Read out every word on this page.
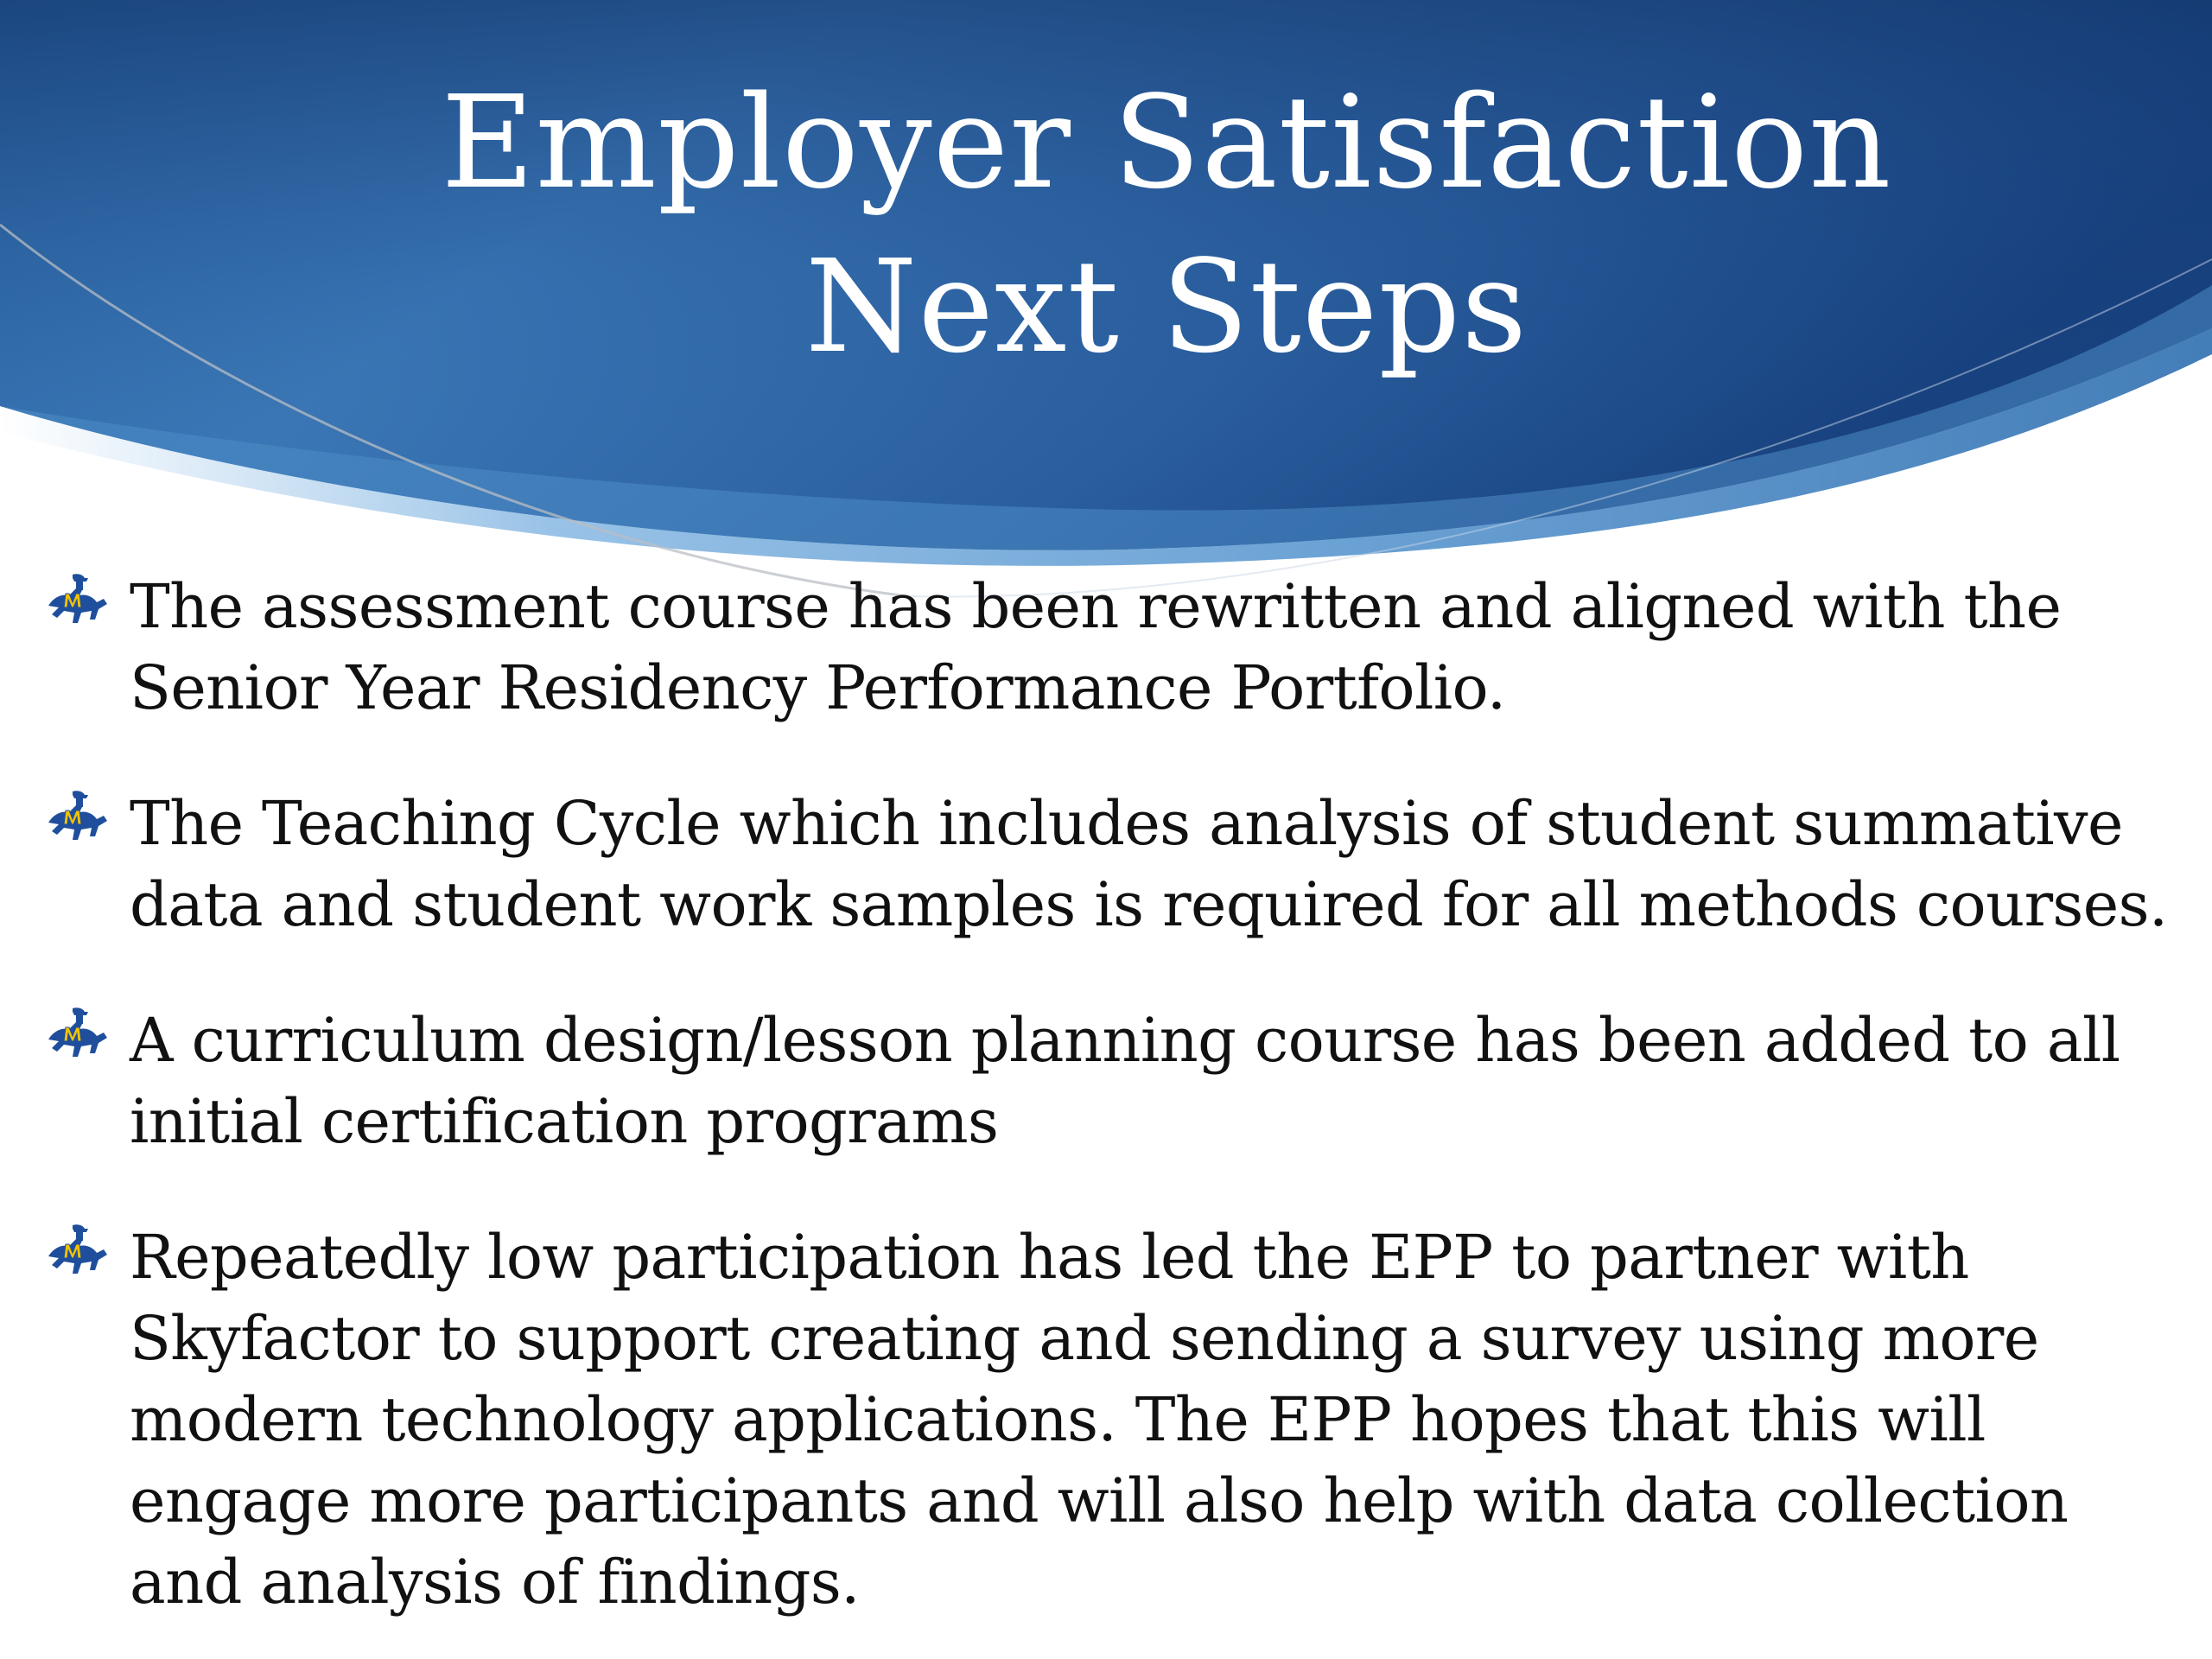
Employer Satisfaction
Next Steps
The assessment course has been rewritten and aligned with the Senior Year Residency Performance Portfolio.
The Teaching Cycle which includes analysis of student summative data and student work samples is required for all methods courses.
A curriculum design/lesson planning course has been added to all initial certification programs
Repeatedly low participation has led the EPP to partner with Skyfactor to support creating and sending a survey using more modern technology applications. The EPP hopes that this will engage more participants and will also help with data collection and analysis of findings.
